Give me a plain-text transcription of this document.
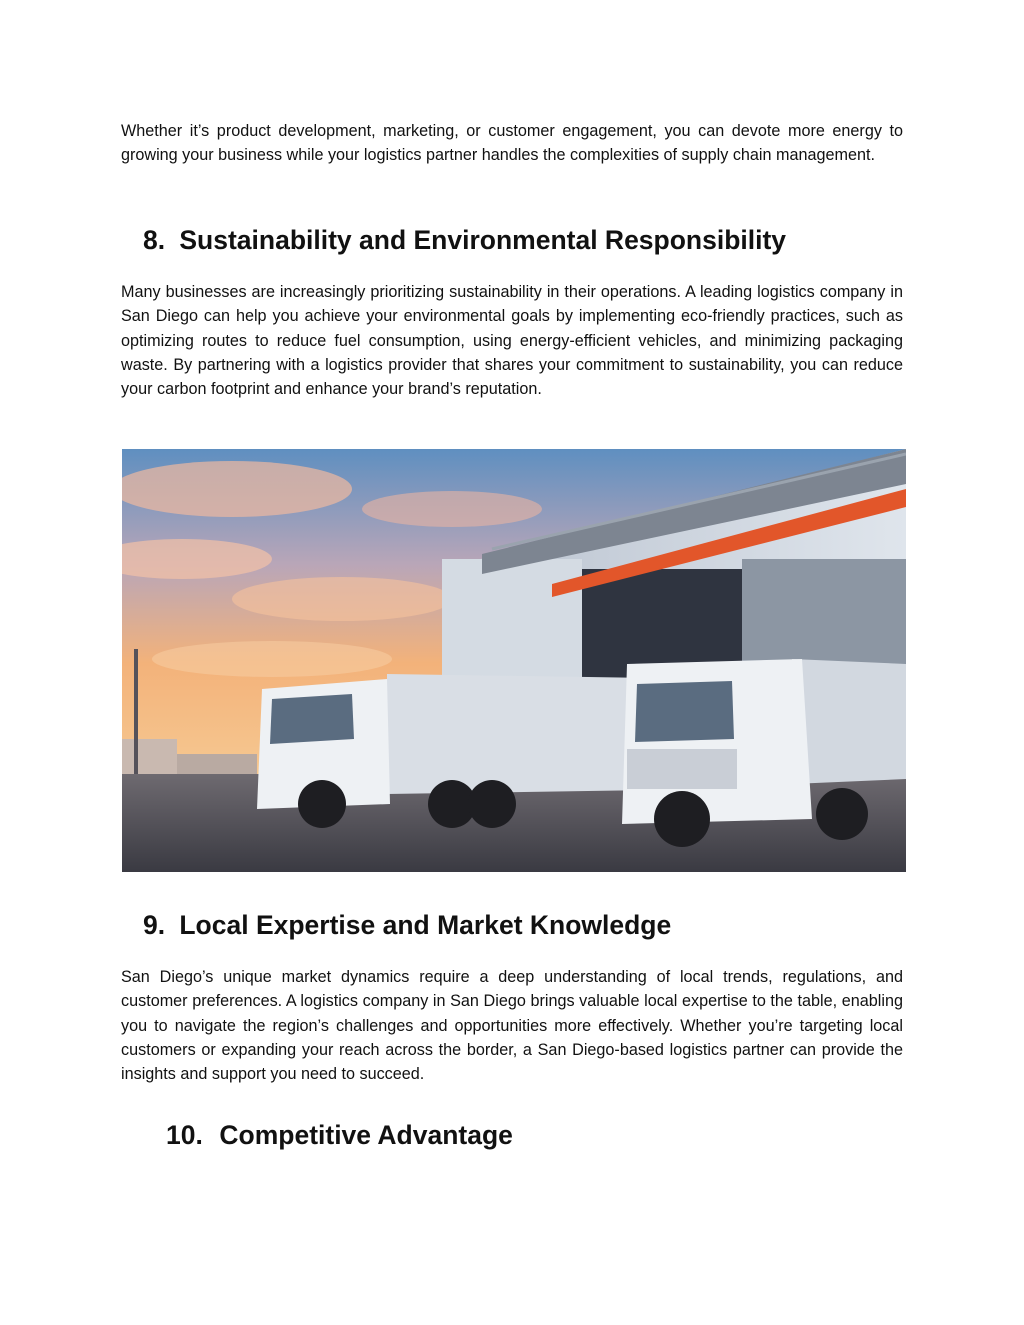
Whether it’s product development, marketing, or customer engagement, you can devote more energy to growing your business while your logistics partner handles the complexities of supply chain management.

8. Sustainability and Environmental Responsibility

Many businesses are increasingly prioritizing sustainability in their operations. A leading logistics company in San Diego can help you achieve your environmental goals by implementing eco-friendly practices, such as optimizing routes to reduce fuel consumption, using energy-efficient vehicles, and minimizing packaging waste. By partnering with a logistics provider that shares your commitment to sustainability, you can reduce your carbon footprint and enhance your brand’s reputation.

9. Local Expertise and Market Knowledge

San Diego’s unique market dynamics require a deep understanding of local trends, regulations, and customer preferences. A logistics company in San Diego brings valuable local expertise to the table, enabling you to navigate the region’s challenges and opportunities more effectively. Whether you’re targeting local customers or expanding your reach across the border, a San Diego-based logistics partner can provide the insights and support you need to succeed.

10. Competitive Advantage
